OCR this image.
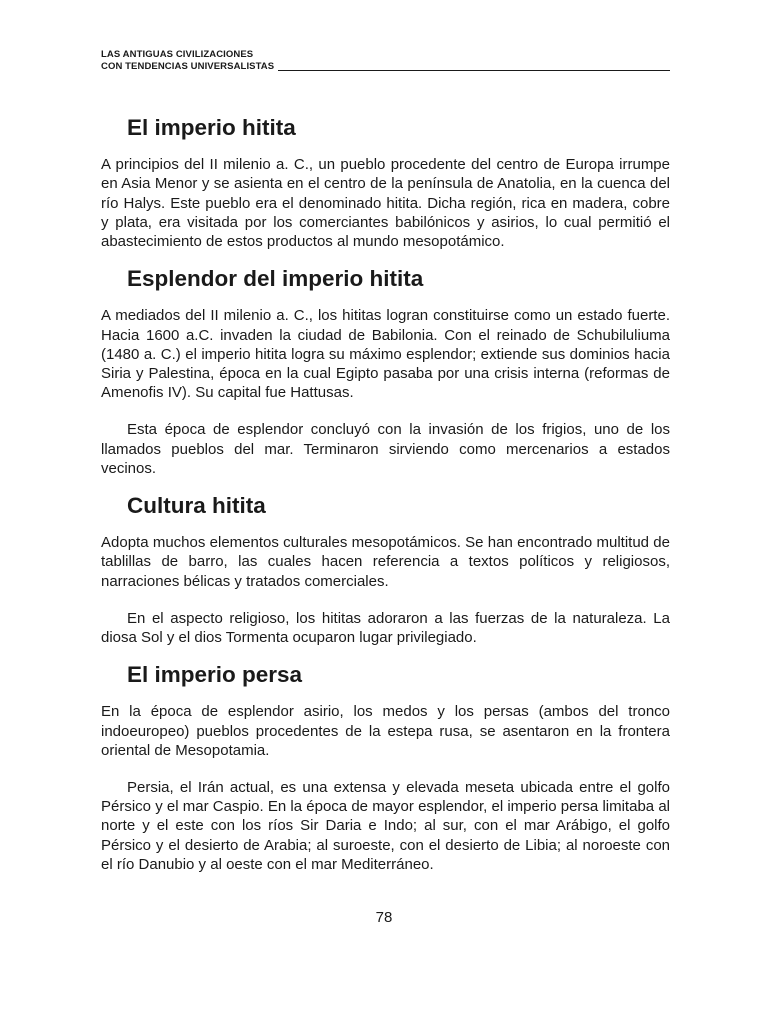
LAS ANTIGUAS CIVILIZACIONES
CON TENDENCIAS UNIVERSALISTAS
El imperio hitita

A principios del II milenio a. C., un pueblo procedente del centro de Europa irrumpe en Asia Menor y se asienta en el centro de la península de Anatolia, en la cuenca del río Halys. Este pueblo era el denominado hitita. Dicha región, rica en madera, cobre y plata, era visitada por los comerciantes babilónicos y asirios, lo cual permitió el abastecimiento de estos productos al mundo mesopotámico.

Esplendor del imperio hitita

A mediados del II milenio a. C., los hititas logran constituirse como un estado fuerte. Hacia 1600 a.C. invaden la ciudad de Babilonia. Con el reinado de Schubiluliuma (1480 a. C.) el imperio hitita logra su máximo esplendor; extiende sus dominios hacia Siria y Palestina, época en la cual Egipto pasaba por una crisis interna (reformas de Amenofis IV). Su capital fue Hattusas.

Esta época de esplendor concluyó con la invasión de los frigios, uno de los llamados pueblos del mar. Terminaron sirviendo como mercenarios a estados vecinos.

Cultura hitita

Adopta muchos elementos culturales mesopotámicos. Se han encontrado multitud de tablillas de barro, las cuales hacen referencia a textos políticos y religiosos, narraciones bélicas y tratados comerciales.

En el aspecto religioso, los hititas adoraron a las fuerzas de la naturaleza. La diosa Sol y el dios Tormenta ocuparon lugar privilegiado.

El imperio persa

En la época de esplendor asirio, los medos y los persas (ambos del tronco indoeuropeo) pueblos procedentes de la estepa rusa, se asentaron en la frontera oriental de Mesopotamia.

Persia, el Irán actual, es una extensa y elevada meseta ubicada entre el golfo Pérsico y el mar Caspio. En la época de mayor esplendor, el imperio persa limitaba al norte y el este con los ríos Sir Daria e Indo; al sur, con el mar Arábigo, el golfo Pérsico y el desierto de Arabia; al suroeste, con el desierto de Libia; al noroeste con el río Danubio y al oeste con el mar Mediterráneo.

78
